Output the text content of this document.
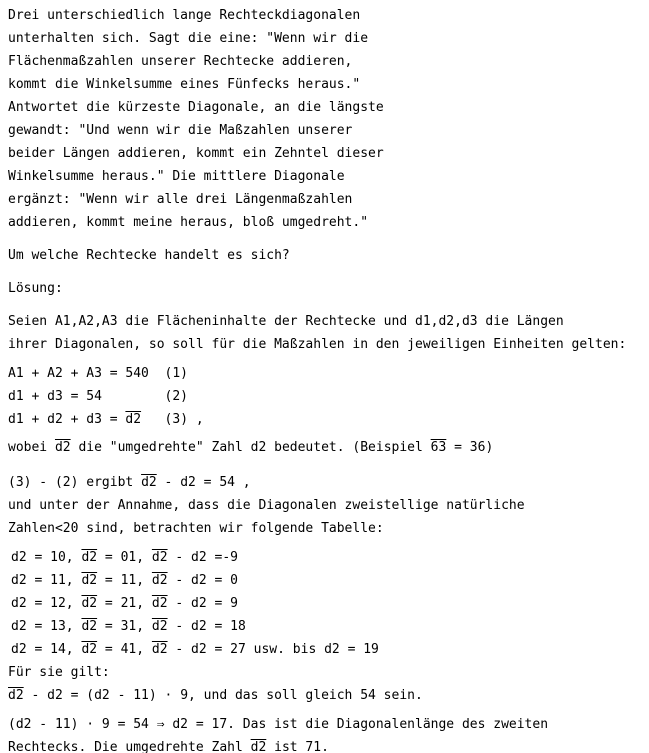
Drei unterschiedlich lange Rechteckdiagonalen
unterhalten sich. Sagt die eine: "Wenn wir die
Flächenmaßzahlen unserer Rechtecke addieren,
kommt die Winkelsumme eines Fünfecks heraus."
Antwortet die kürzeste Diagonale, an die längste
gewandt: "Und wenn wir die Maßzahlen unserer
beider Längen addieren, kommt ein Zehntel dieser
Winkelsumme heraus." Die mittlere Diagonale
ergänzt: "Wenn wir alle drei Längenmaßzahlen
addieren, kommt meine heraus, bloß umgedreht."
Um welche Rechtecke handelt es sich?
Lösung:
Seien A1,A2,A3 die Flächeninhalte der Rechtecke und d1,d2,d3 die Längen
ihrer Diagonalen, so soll für die Maßzahlen in den jeweiligen Einheiten gelten:
A1 + A2 + A3 = 540  (1)
d1 + d3 = 54        (2)
d1 + d2 + d3 = d2   (3) ,
wobei d2 die "umgedrehte" Zahl d2 bedeutet. (Beispiel 63 = 36)
(3) - (2) ergibt d2 - d2 = 54 ,
und unter der Annahme, dass die Diagonalen zweistellige natürliche
Zahlen<20 sind, betrachten wir folgende Tabelle:
d2 = 10, d2 = 01, d2 - d2 =-9
d2 = 11, d2 = 11, d2 - d2 = 0
d2 = 12, d2 = 21, d2 - d2 = 9
d2 = 13, d2 = 31, d2 - d2 = 18
d2 = 14, d2 = 41, d2 - d2 = 27 usw. bis d2 = 19
Für sie gilt:
d2 - d2 = (d2 - 11) · 9, und das soll gleich 54 sein.
(d2 - 11) · 9 = 54 ⇒ d2 = 17. Das ist die Diagonalenlänge des zweiten
Rechtecks. Die umgedrehte Zahl d2 ist 71.
